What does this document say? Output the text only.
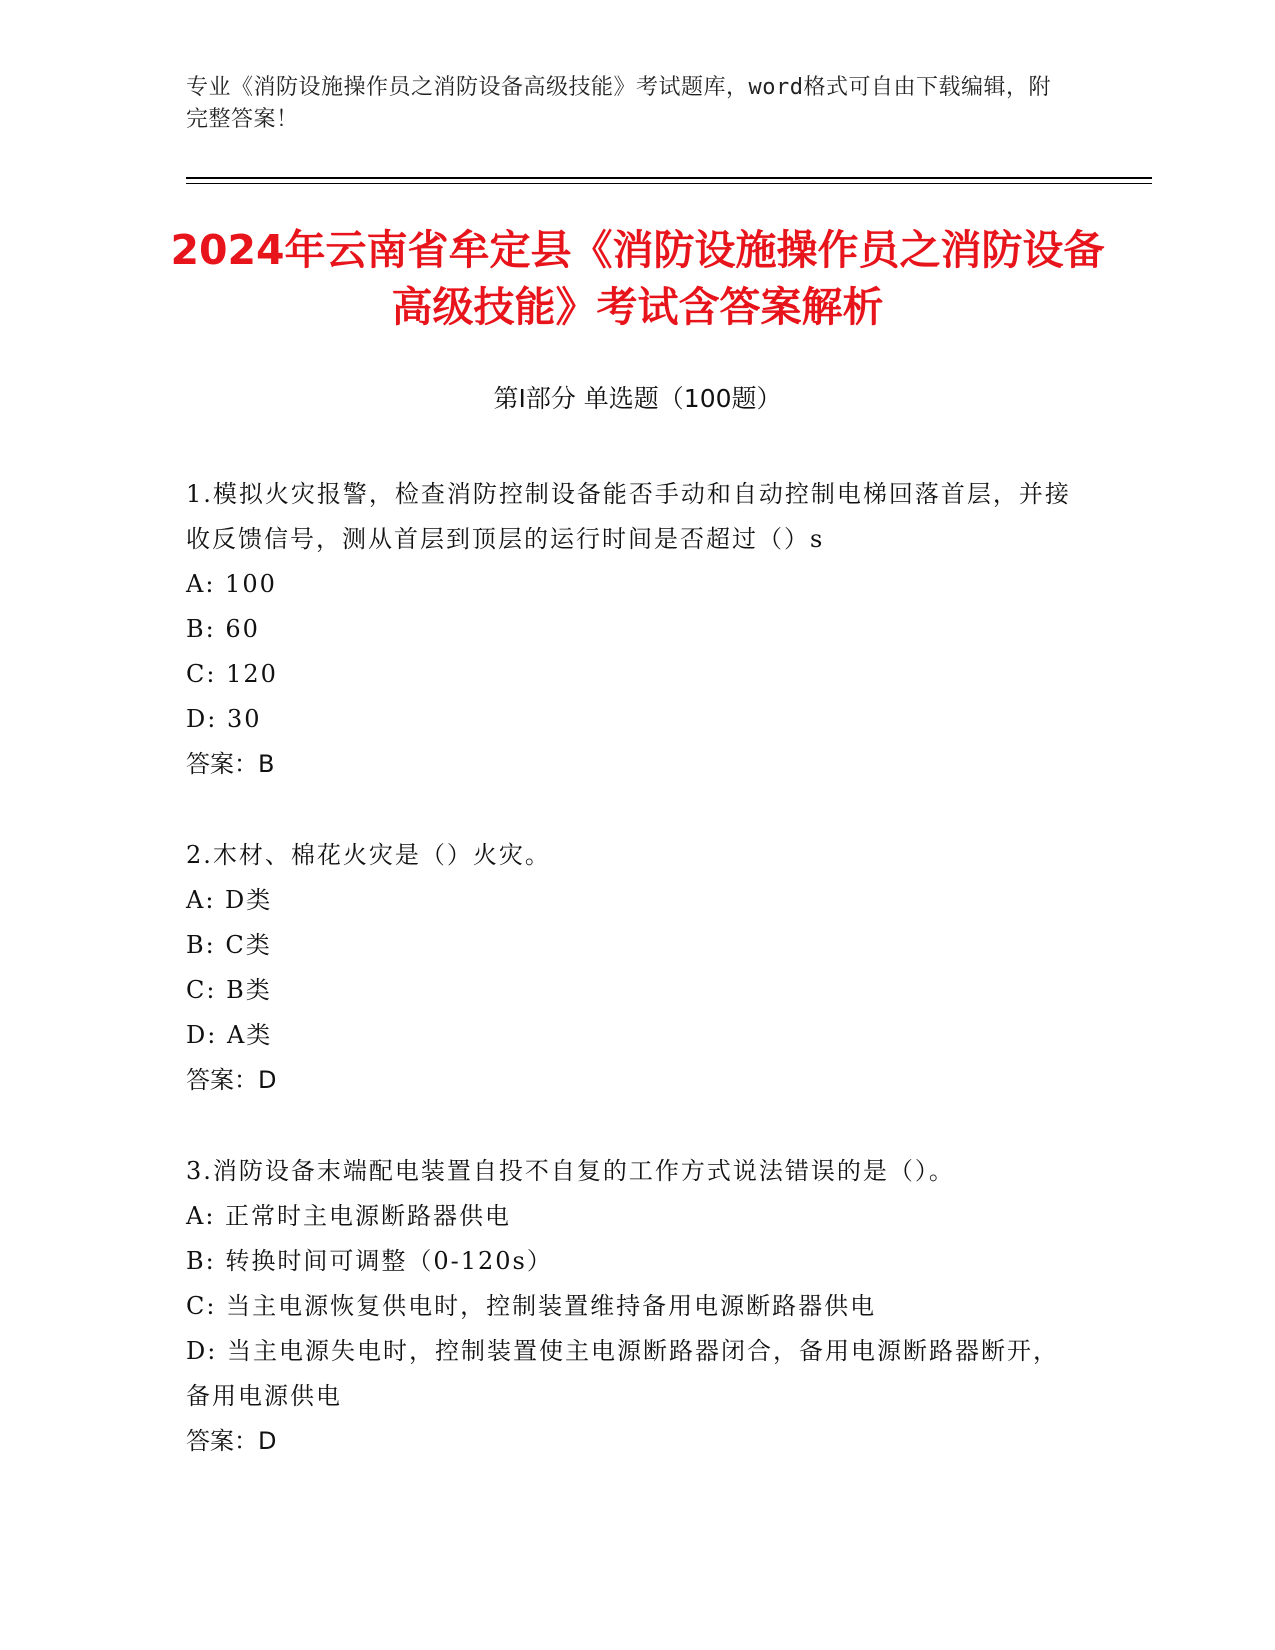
专业《消防设施操作员之消防设备高级技能》考试题库，word格式可自由下载编辑，附完整答案！
2024年云南省牟定县《消防设施操作员之消防设备高级技能》考试含答案解析
第I部分 单选题（100题）
1.模拟火灾报警，检查消防控制设备能否手动和自动控制电梯回落首层，并接收反馈信号，测从首层到顶层的运行时间是否超过（）s
A: 100
B: 60
C: 120
D: 30
答案：B
2.木材、棉花火灾是（）火灾。
A: D类
B: C类
C: B类
D: A类
答案：D
3.消防设备末端配电装置自投不自复的工作方式说法错误的是（）。
A: 正常时主电源断路器供电
B: 转换时间可调整（0-120s）
C: 当主电源恢复供电时，控制装置维持备用电源断路器供电
D: 当主电源失电时，控制装置使主电源断路器闭合，备用电源断路器断开，备用电源供电
答案：D
